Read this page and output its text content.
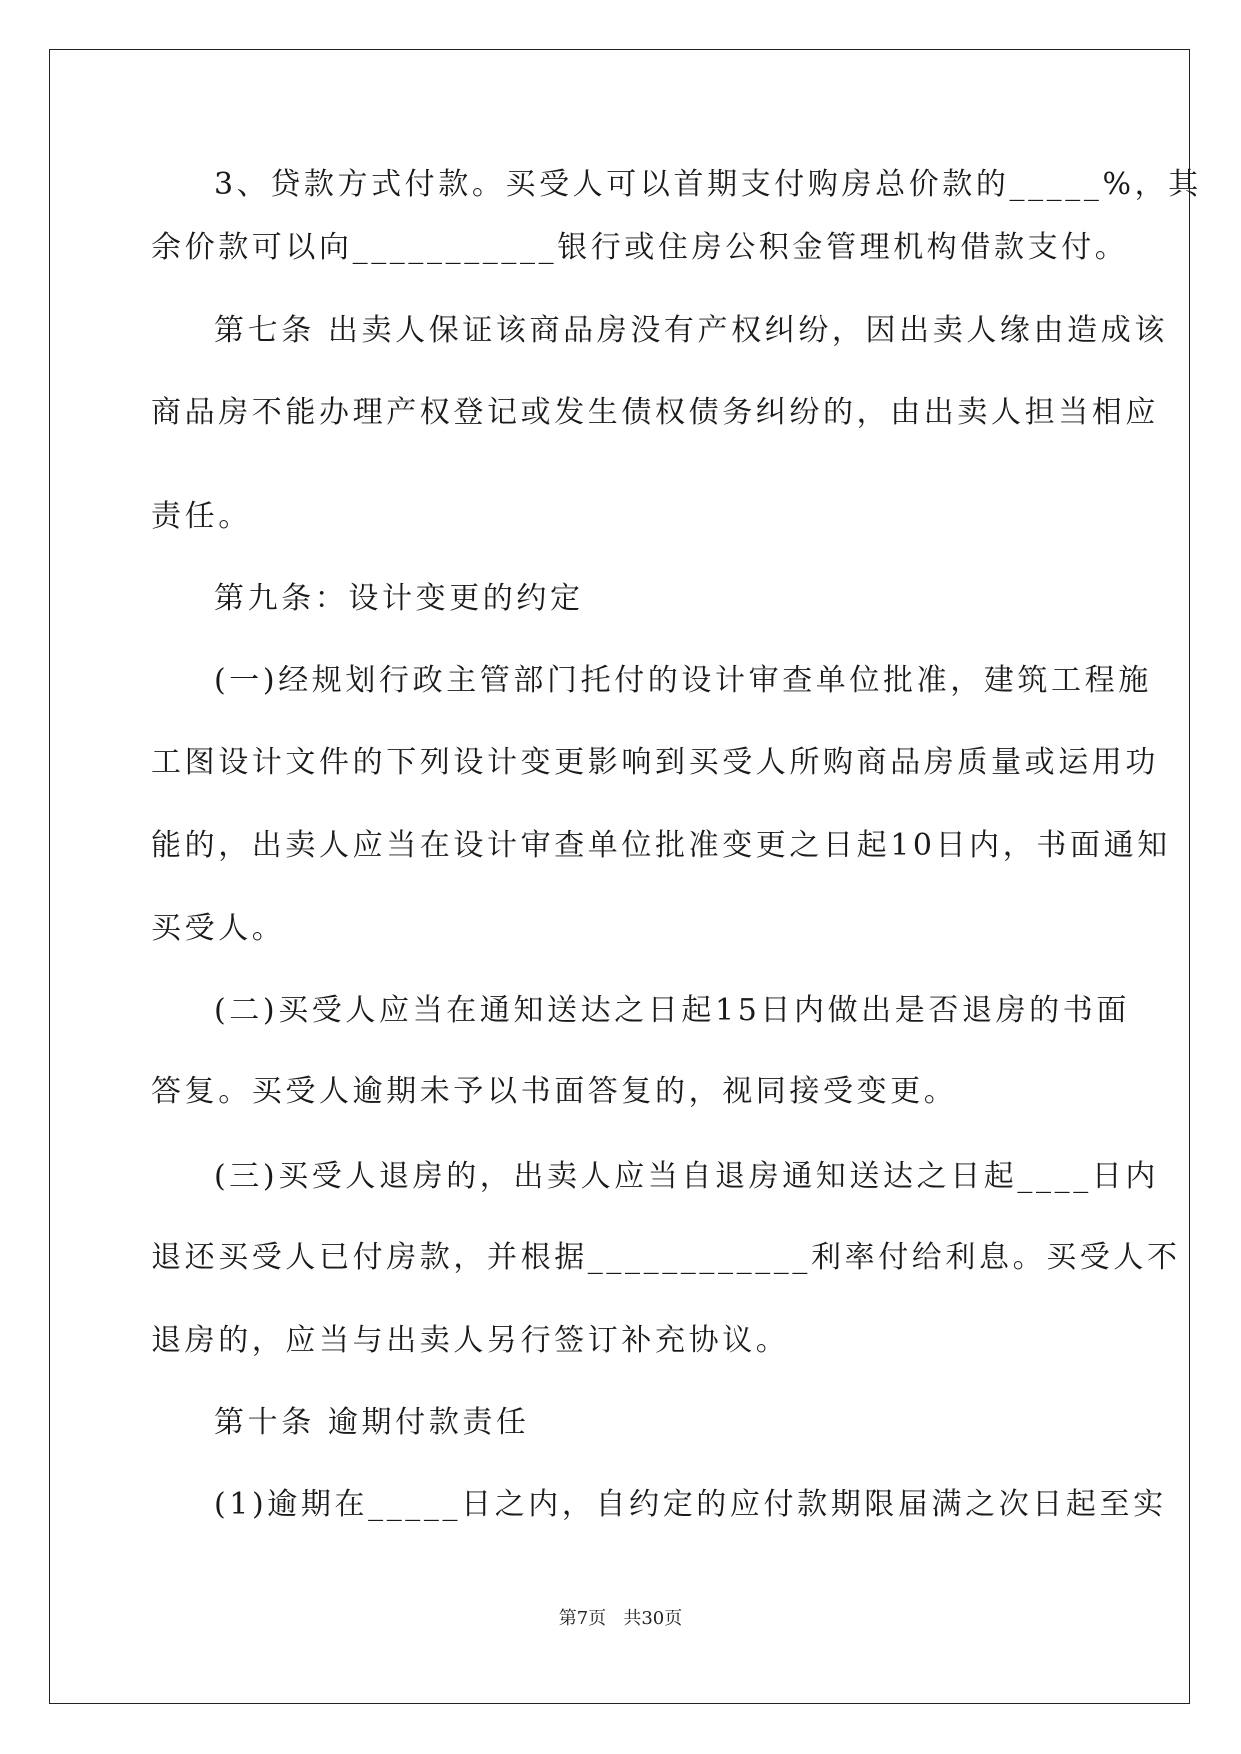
3、贷款方式付款。买受人可以首期支付购房总价款的_____%，其
余价款可以向___________银行或住房公积金管理机构借款支付。
第七条 出卖人保证该商品房没有产权纠纷，因出卖人缘由造成该
商品房不能办理产权登记或发生债权债务纠纷的，由出卖人担当相应
责任。
第九条：设计变更的约定
(一)经规划行政主管部门托付的设计审查单位批准，建筑工程施
工图设计文件的下列设计变更影响到买受人所购商品房质量或运用功
能的，出卖人应当在设计审查单位批准变更之日起10日内，书面通知
买受人。
(二)买受人应当在通知送达之日起15日内做出是否退房的书面
答复。买受人逾期未予以书面答复的，视同接受变更。
(三)买受人退房的，出卖人应当自退房通知送达之日起____日内
退还买受人已付房款，并根据____________利率付给利息。买受人不
退房的，应当与出卖人另行签订补充协议。
第十条 逾期付款责任
(1)逾期在_____日之内，自约定的应付款期限届满之次日起至实
第7页   共30页
